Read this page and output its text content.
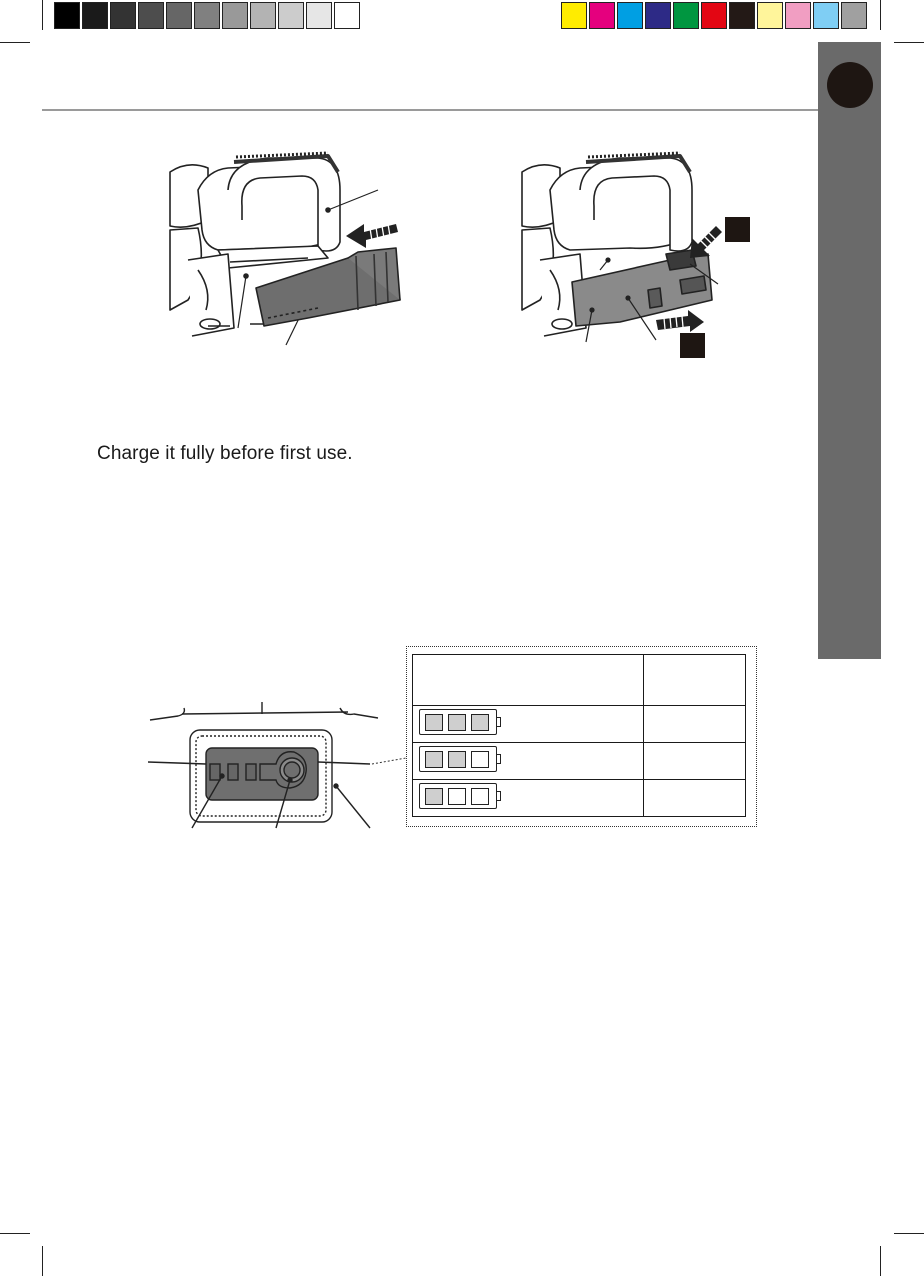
Charge it fully before first use.
